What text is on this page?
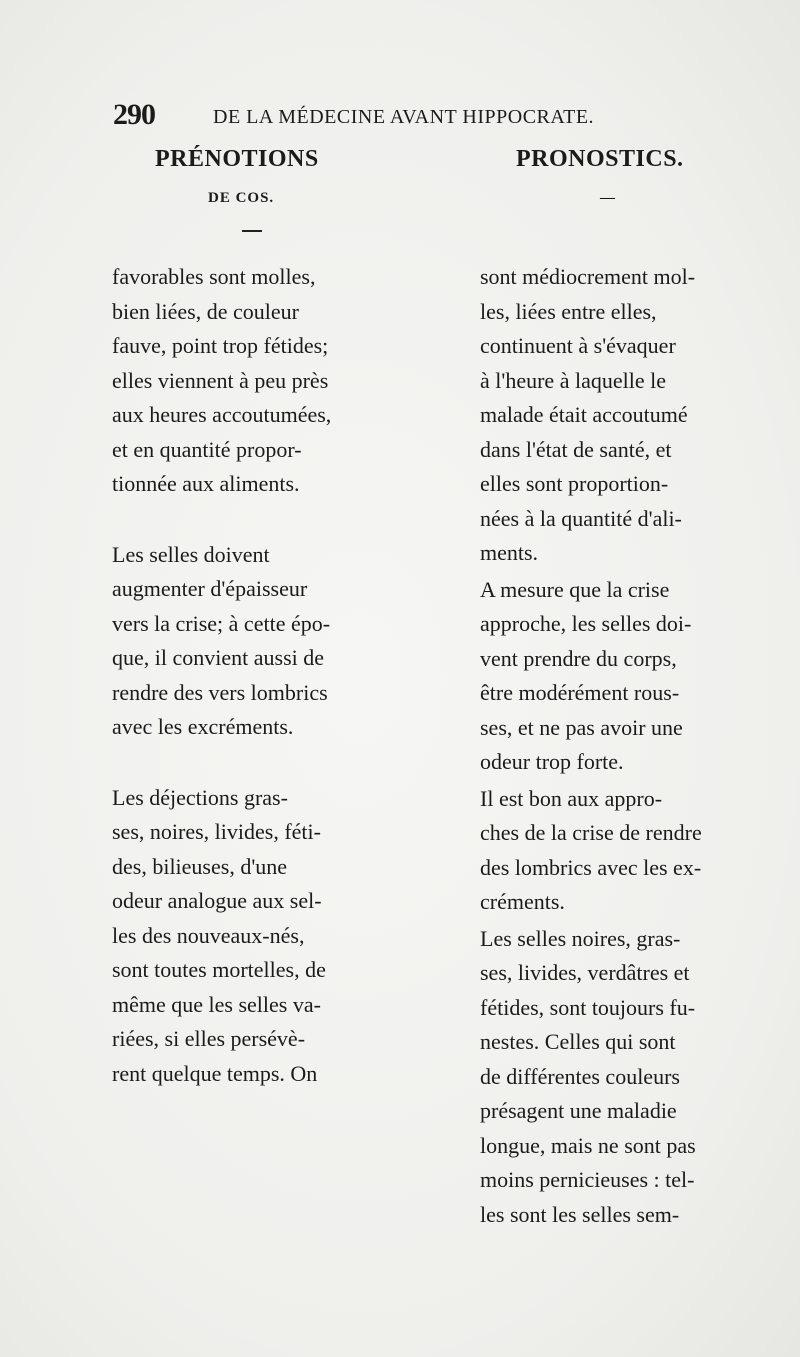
290	DE LA MÉDECINE AVANT HIPPOCRATE.
PRÉNOTIONS
DE COS.
PRONOSTICS.
—

favorables sont molles,
bien liées, de couleur
fauve, point trop fétides;
elles viennent à peu près
aux heures accoutumées,
et en quantité propor-
tionnée aux aliments.

Les selles doivent
augmenter d'épaisseur
vers la crise; à cette épo-
que, il convient aussi de
rendre des vers lombrics
avec les excréments.

Les déjections gras-
ses, noires, livides, féti-
des, bilieuses, d'une
odeur analogue aux sel-
les des nouveaux-nés,
sont toutes mortelles, de
même que les selles va-
riées, si elles persévè-
rent quelque temps. On

sont médiocrement mol-
les, liées entre elles,
continuent à s'évaquer
à l'heure à laquelle le
malade était accoutumé
dans l'état de santé, et
elles sont proportion-
nées à la quantité d'ali-
ments.

A mesure que la crise
approche, les selles doi-
vent prendre du corps,
être modérément rous-
ses, et ne pas avoir une
odeur trop forte.

Il est bon aux appro-
ches de la crise de rendre
des lombrics avec les ex-
créments.

Les selles noires, gras-
ses, livides, verdâtres et
fétides, sont toujours fu-
nestes. Celles qui sont
de différentes couleurs
présagent une maladie
longue, mais ne sont pas
moins pernicieuses : tel-
les sont les selles sem-
